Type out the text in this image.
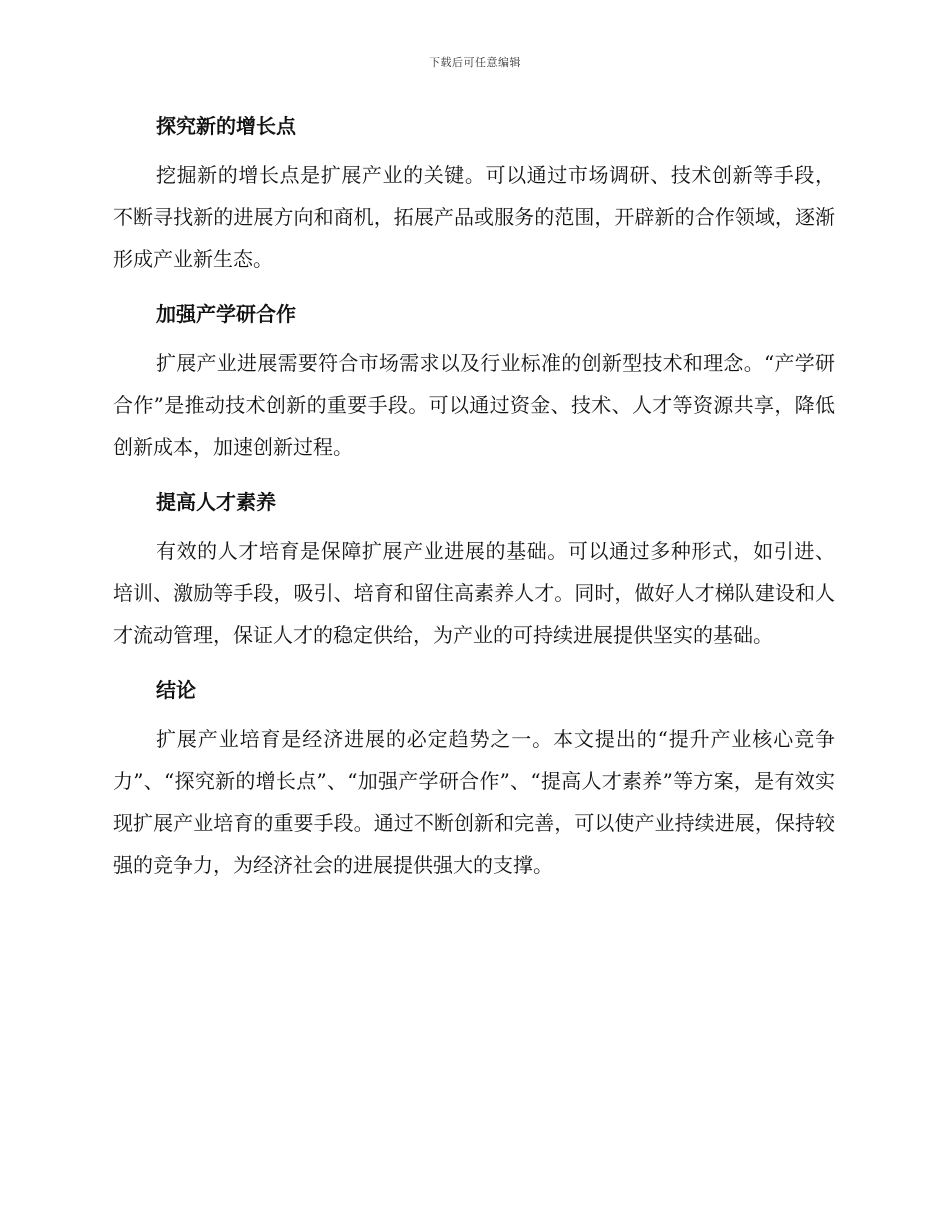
下载后可任意编辑
探究新的增长点

挖掘新的增长点是扩展产业的关键。可以通过市场调研、技术创新等手段，不断寻找新的进展方向和商机，拓展产品或服务的范围，开辟新的合作领域，逐渐形成产业新生态。

加强产学研合作

扩展产业进展需要符合市场需求以及行业标准的创新型技术和理念。“产学研合作”是推动技术创新的重要手段。可以通过资金、技术、人才等资源共享，降低创新成本，加速创新过程。

提高人才素养

有效的人才培育是保障扩展产业进展的基础。可以通过多种形式，如引进、培训、激励等手段，吸引、培育和留住高素养人才。同时，做好人才梯队建设和人才流动管理，保证人才的稳定供给，为产业的可持续进展提供坚实的基础。

结论

扩展产业培育是经济进展的必定趋势之一。本文提出的“提升产业核心竞争力”、“探究新的增长点”、“加强产学研合作”、“提高人才素养”等方案，是有效实现扩展产业培育的重要手段。通过不断创新和完善，可以使产业持续进展，保持较强的竞争力，为经济社会的进展提供强大的支撑。
